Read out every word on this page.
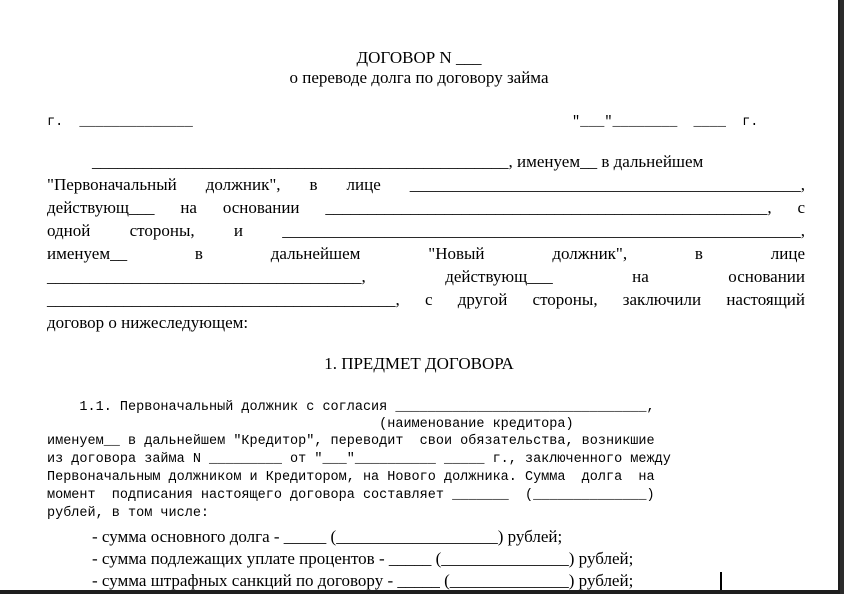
ДОГОВОР N ___
о переводе долга по договору займа
г.  ______________	"___"________  ____  г.
_________________________________________________, именуем__ в дальнейшем
"Первоначальный должник", в лице ______________________________________________,
действующ___ на основании ____________________________________________________, с
одной стороны, и _____________________________________________________________,
именуем__ в дальнейшем "Новый должник", в лице
_____________________________________, действующ___ на основании
_________________________________________, с другой стороны, заключили настоящий
договор о нижеследующем:
1. ПРЕДМЕТ ДОГОВОРА
1.1. Первоначальный должник с согласия _______________________________,
(наименование кредитора)
именуем__ в дальнейшем "Кредитор", переводит  свои обязательства, возникшие
из договора займа N _________ от "___"__________ _____ г., заключенного между
Первоначальным должником и Кредитором, на Нового должника. Сумма  долга  на
момент  подписания настоящего договора составляет _______  (______________)
рублей, в том числе:
- сумма основного долга - _____ (___________________) рублей;
- сумма подлежащих уплате процентов - _____ (_______________) рублей;
- сумма штрафных санкций по договору - _____ (______________) рублей;
